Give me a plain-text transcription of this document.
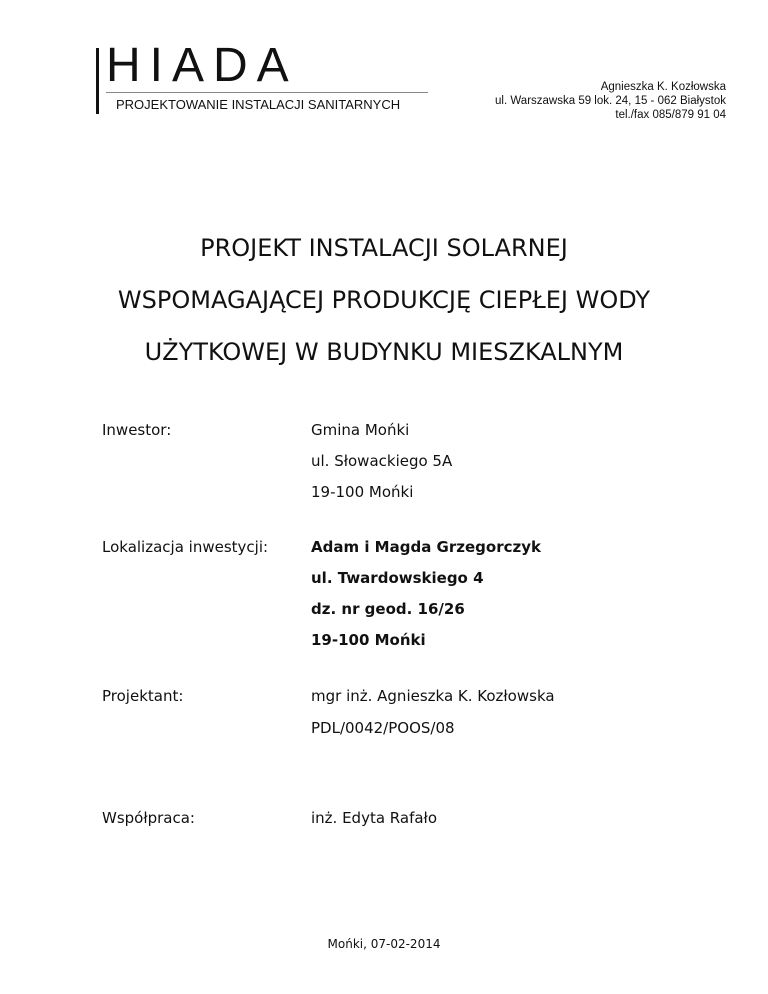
HIADA
PROJEKTOWANIE INSTALACJI SANITARNYCH
Agnieszka K. Kozłowska
ul. Warszawska 59 lok. 24, 15 - 062 Białystok
tel./fax 085/879 91 04
PROJEKT INSTALACJI SOLARNEJ
WSPOMAGAJĄCEJ PRODUKCJĘ CIEPŁEJ WODY
UŻYTKOWEJ W BUDYNKU MIESZKALNYM
Inwestor:	Gmina Mońki
ul. Słowackiego 5A
19-100 Mońki
Lokalizacja inwestycji:	Adam i Magda Grzegorczyk
ul. Twardowskiego 4
dz. nr geod. 16/26
19-100 Mońki
Projektant:	mgr inż. Agnieszka K. Kozłowska
PDL/0042/POOS/08
Współpraca:	inż. Edyta Rafało
Mońki, 07-02-2014
